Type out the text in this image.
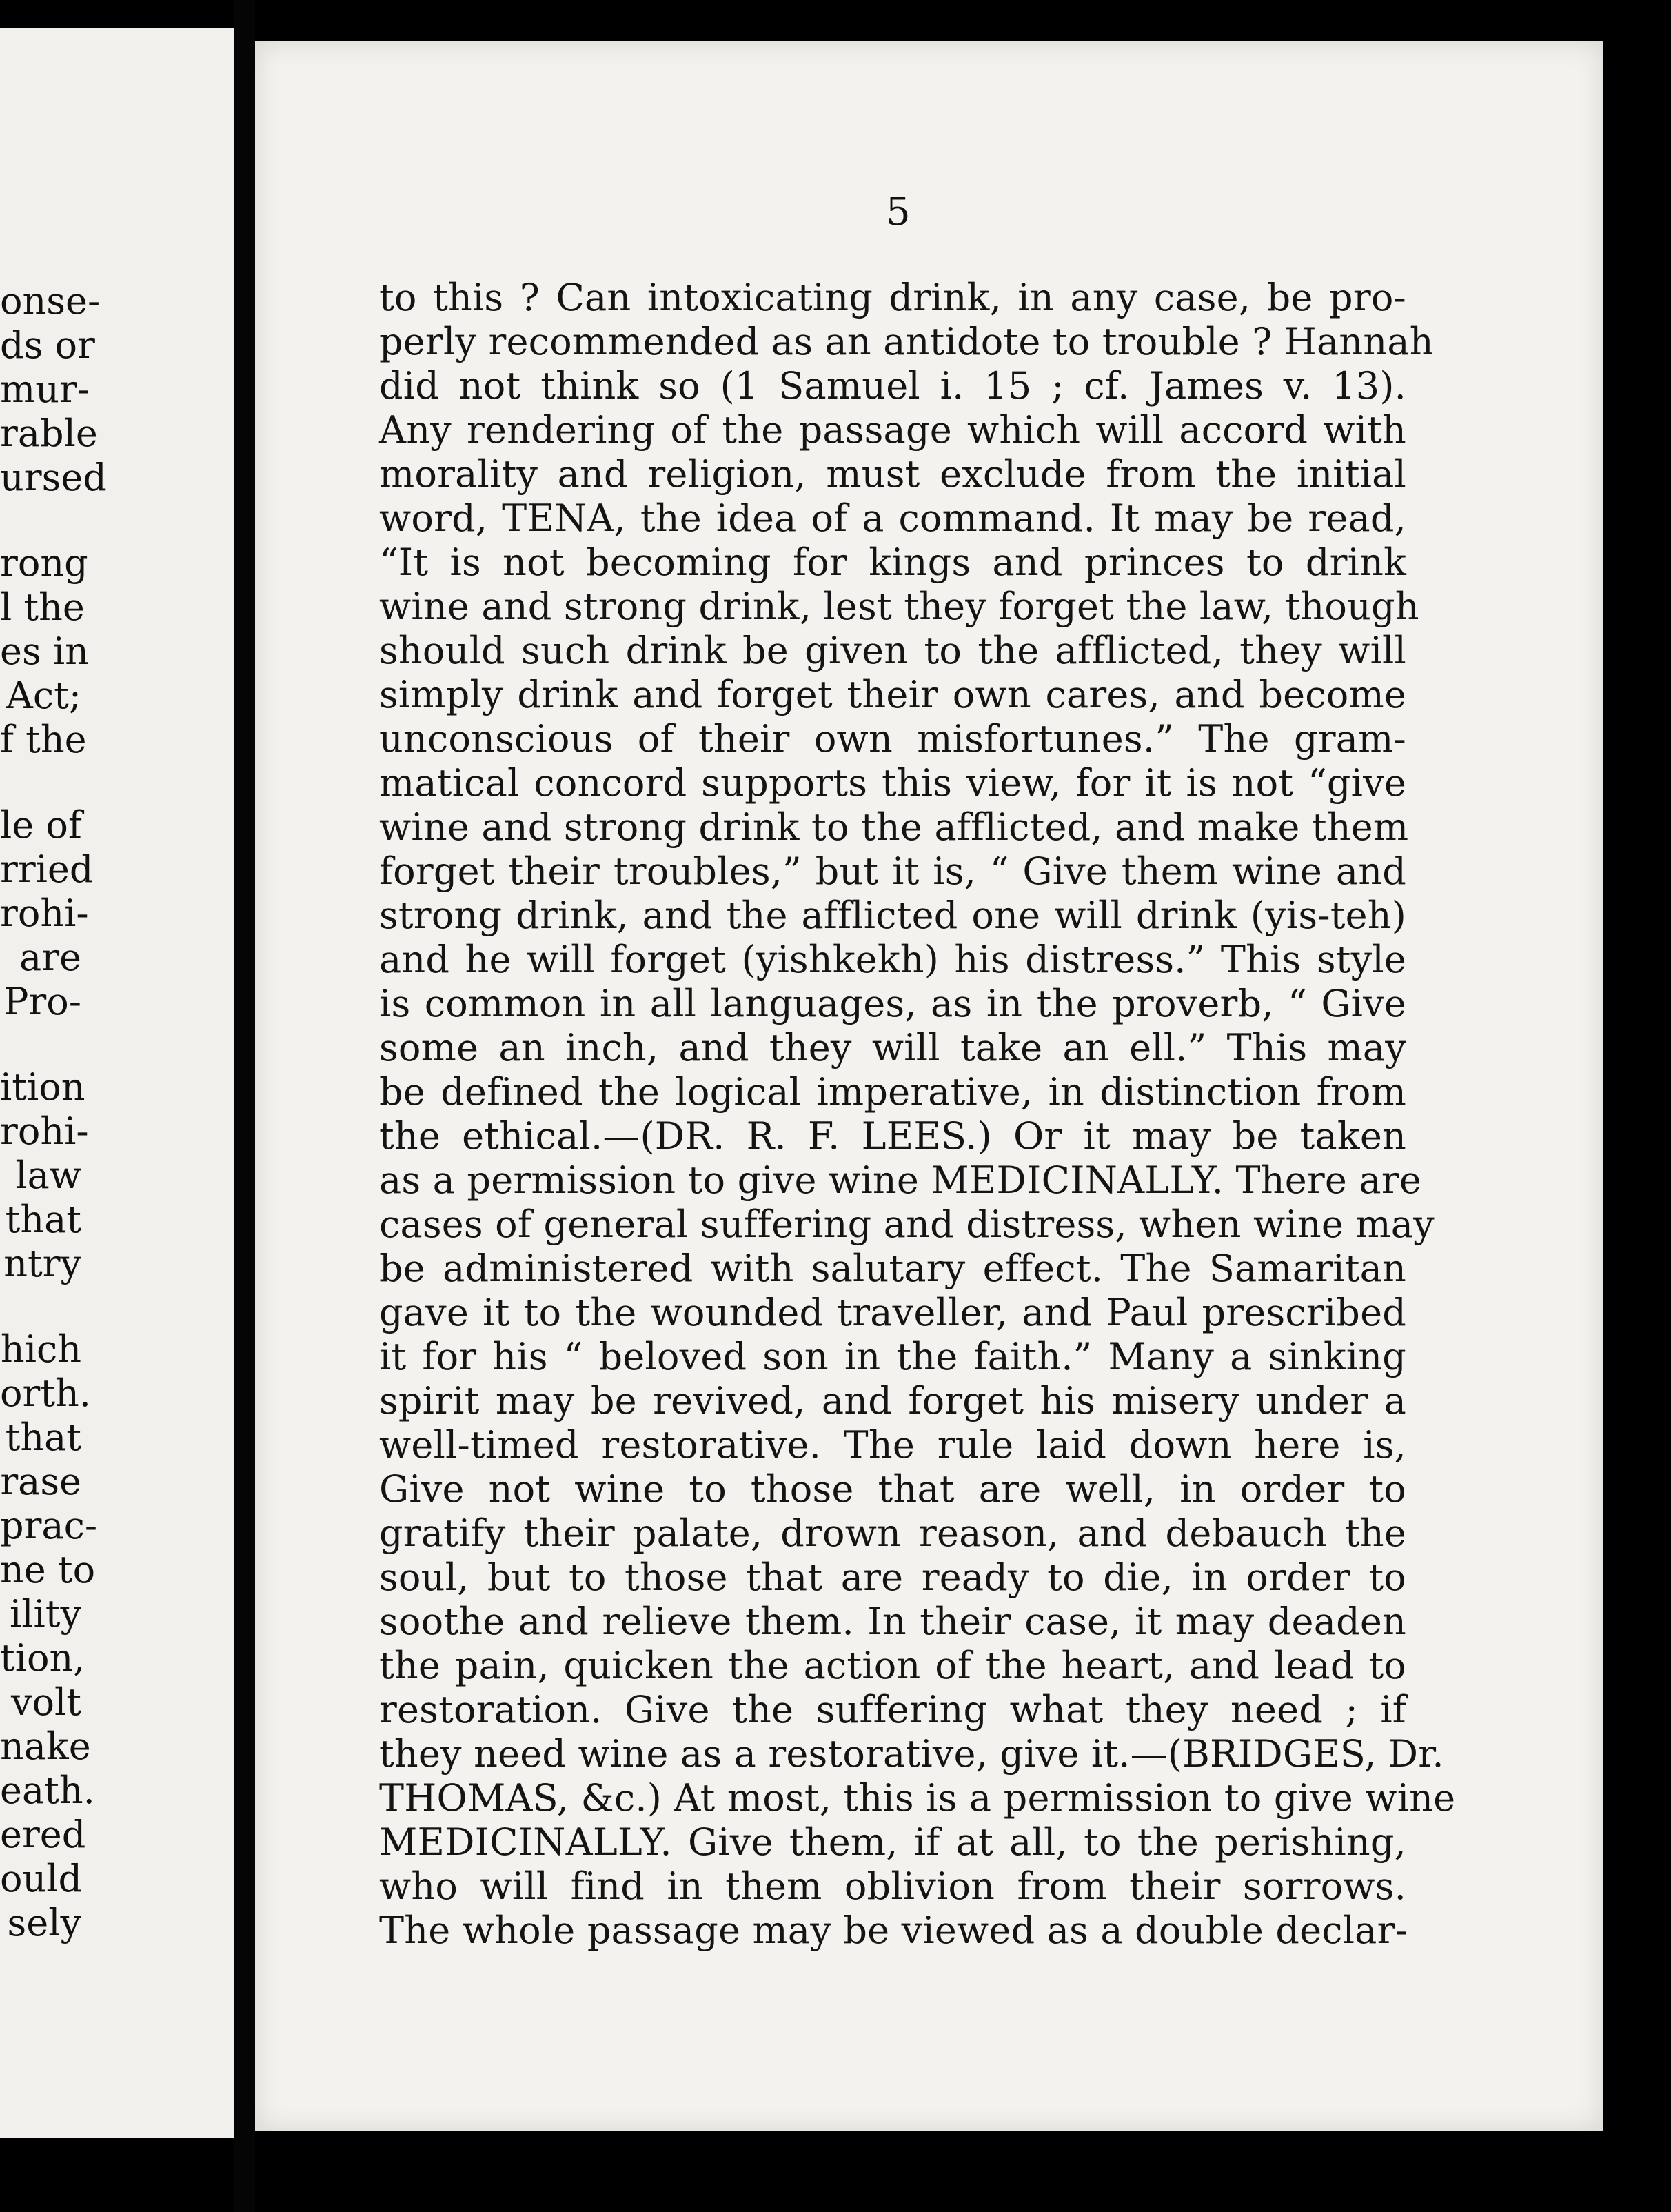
onse-
ds or
mur-
rable
ursed
rong
l the
es in
Act;
f the
le of
rried
rohi-
are
Pro-
ition
rohi-
law
that
ntry
hich
orth.
that
rase
prac-
ne to
ility
tion,
volt
nake
eath.
ered
ould
sely
5
to this ? Can intoxicating drink, in any case, be pro-
perly recommended as an antidote to trouble ? Hannah
did not think so (1 Samuel i. 15 ; cf. James v. 13).
Any rendering of the passage which will accord with
morality and religion, must exclude from the initial
word, TENA, the idea of a command. It may be read,
“It is not becoming for kings and princes to drink
wine and strong drink, lest they forget the law, though
should such drink be given to the afflicted, they will
simply drink and forget their own cares, and become
unconscious of their own misfortunes.” The gram-
matical concord supports this view, for it is not “give
wine and strong drink to the afflicted, and make them
forget their troubles,” but it is, “ Give them wine and
strong drink, and the afflicted one will drink (yis-teh)
and he will forget (yishkekh) his distress.” This style
is common in all languages, as in the proverb, “ Give
some an inch, and they will take an ell.” This may
be defined the logical imperative, in distinction from
the ethical.—(DR. R. F. LEES.) Or it may be taken
as a permission to give wine MEDICINALLY. There are
cases of general suffering and distress, when wine may
be administered with salutary effect. The Samaritan
gave it to the wounded traveller, and Paul prescribed
it for his “ beloved son in the faith.” Many a sinking
spirit may be revived, and forget his misery under a
well-timed restorative. The rule laid down here is,
Give not wine to those that are well, in order to
gratify their palate, drown reason, and debauch the
soul, but to those that are ready to die, in order to
soothe and relieve them. In their case, it may deaden
the pain, quicken the action of the heart, and lead to
restoration. Give the suffering what they need ; if
they need wine as a restorative, give it.—(BRIDGES, Dr.
THOMAS, &c.) At most, this is a permission to give wine
MEDICINALLY. Give them, if at all, to the perishing,
who will find in them oblivion from their sorrows.
The whole passage may be viewed as a double declar-
